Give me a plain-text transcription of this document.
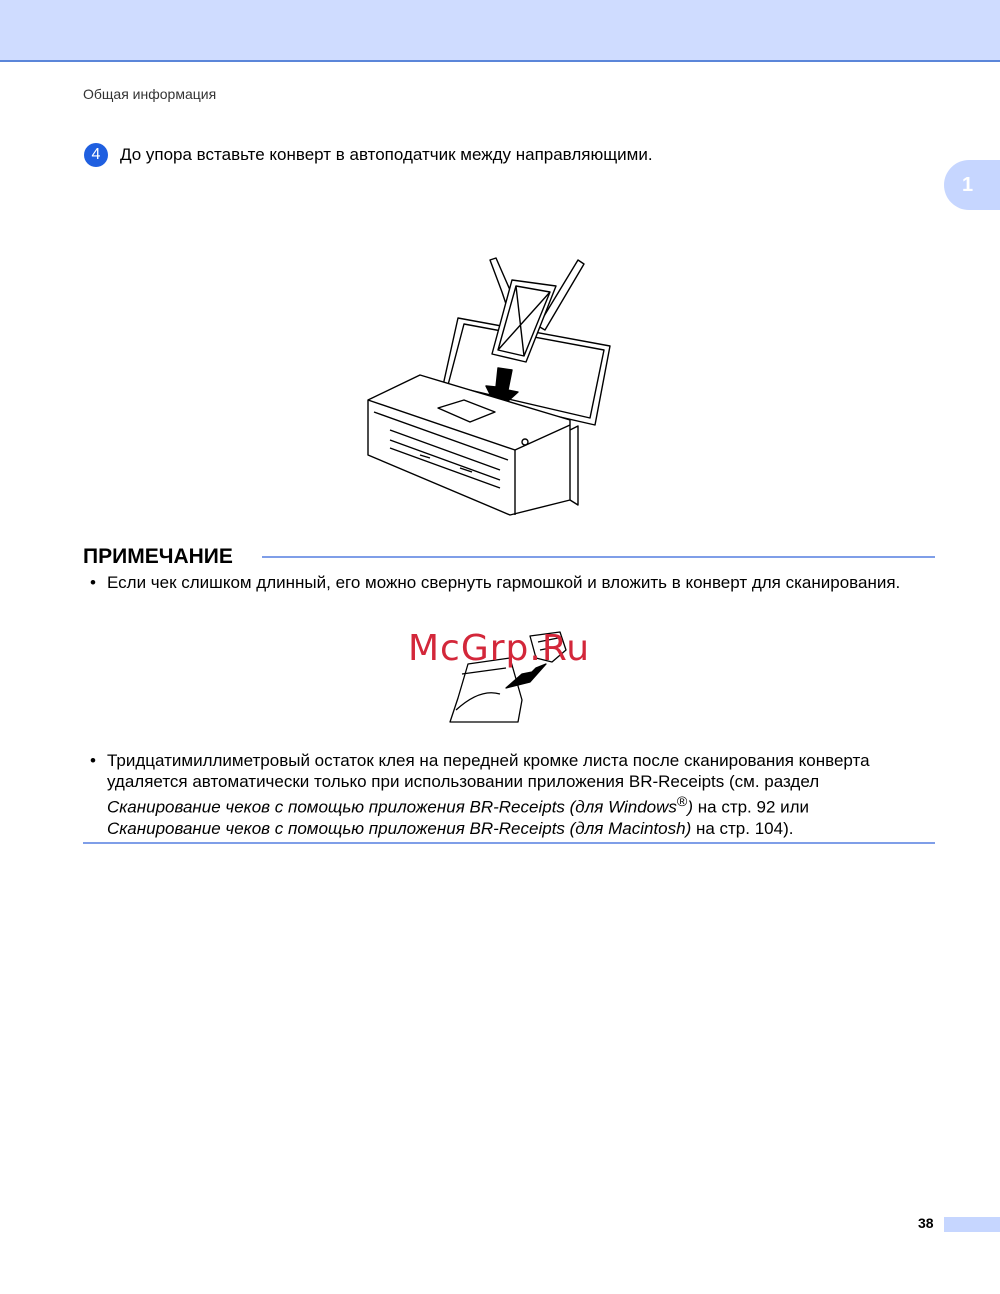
Общая информация
1
4	До упора вставьте конверт в автоподатчик между направляющими.
ПРИМЕЧАНИЕ
• Если чек слишком длинный, его можно свернуть гармошкой и вложить в конверт для сканирования.
McGrp.Ru
• Тридцатимиллиметровый остаток клея на передней кромке листа после сканирования конверта
удаляется автоматически только при использовании приложения BR-Receipts (см. раздел
Сканирование чеков с помощью приложения BR-Receipts (для Windows®) на стр. 92 или
Сканирование чеков с помощью приложения BR-Receipts (для Macintosh) на стр. 104).
38
